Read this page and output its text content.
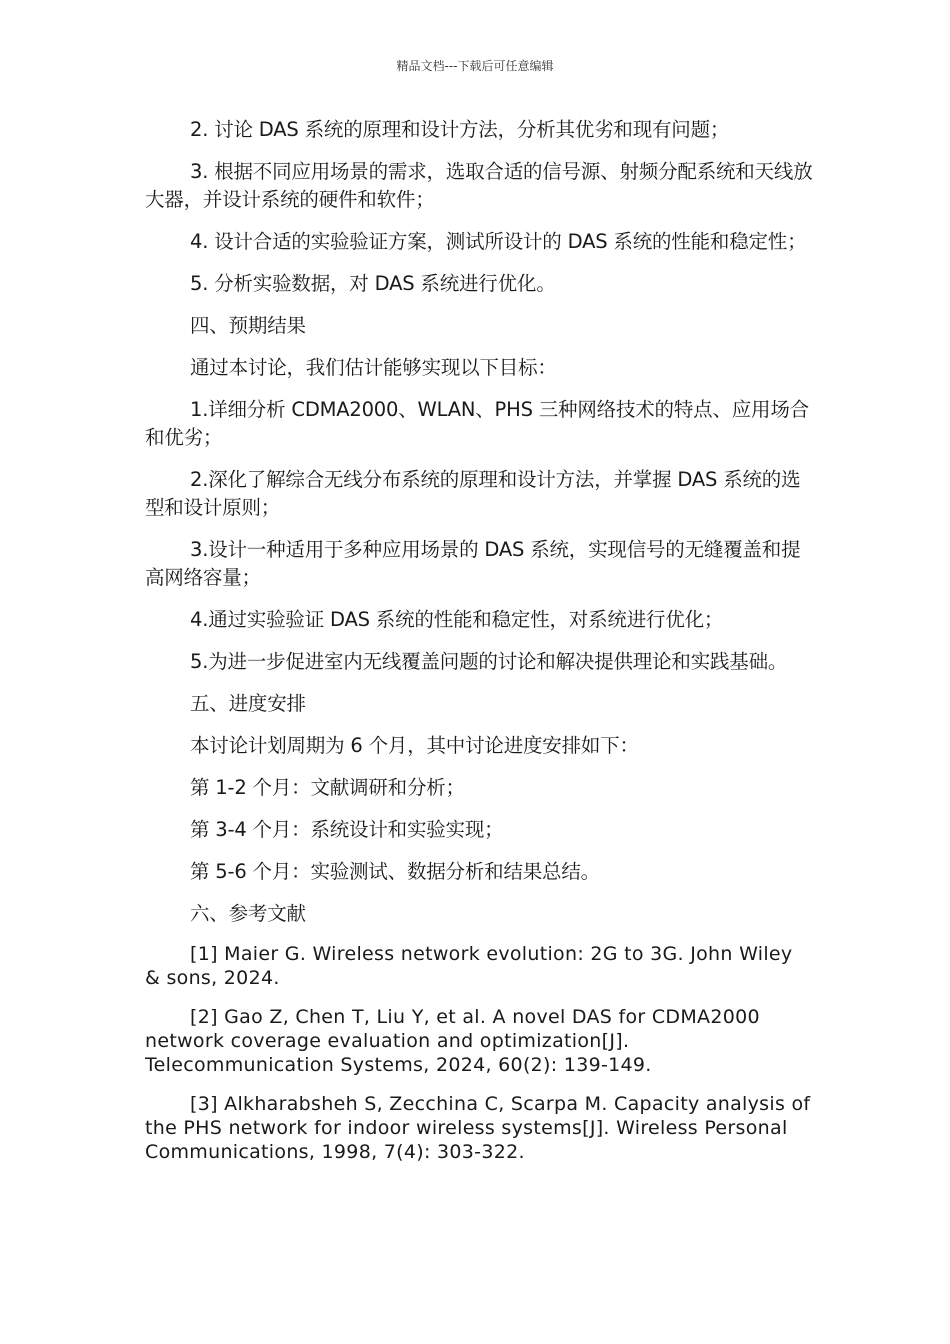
精品文档---下载后可任意编辑

2. 讨论 DAS 系统的原理和设计方法，分析其优劣和现有问题；

3. 根据不同应用场景的需求，选取合适的信号源、射频分配系统和天线放大器，并设计系统的硬件和软件；

4. 设计合适的实验验证方案，测试所设计的 DAS 系统的性能和稳定性；

5. 分析实验数据，对 DAS 系统进行优化。

四、预期结果

通过本讨论，我们估计能够实现以下目标：

1.详细分析 CDMA2000、WLAN、PHS 三种网络技术的特点、应用场合和优劣；

2.深化了解综合无线分布系统的原理和设计方法，并掌握 DAS 系统的选型和设计原则；

3.设计一种适用于多种应用场景的 DAS 系统，实现信号的无缝覆盖和提高网络容量；

4.通过实验验证 DAS 系统的性能和稳定性，对系统进行优化；

5.为进一步促进室内无线覆盖问题的讨论和解决提供理论和实践基础。

五、进度安排

本讨论计划周期为 6 个月，其中讨论进度安排如下：

第 1-2 个月：文献调研和分析；

第 3-4 个月：系统设计和实验实现；

第 5-6 个月：实验测试、数据分析和结果总结。

六、参考文献

[1] Maier G. Wireless network evolution: 2G to 3G. John Wiley & sons, 2024.

[2] Gao Z, Chen T, Liu Y, et al. A novel DAS for CDMA2000 network coverage evaluation and optimization[J]. Telecommunication Systems, 2024, 60(2): 139-149.

[3] Alkharabsheh S, Zecchina C, Scarpa M. Capacity analysis of the PHS network for indoor wireless systems[J]. Wireless Personal Communications, 1998, 7(4): 303-322.
